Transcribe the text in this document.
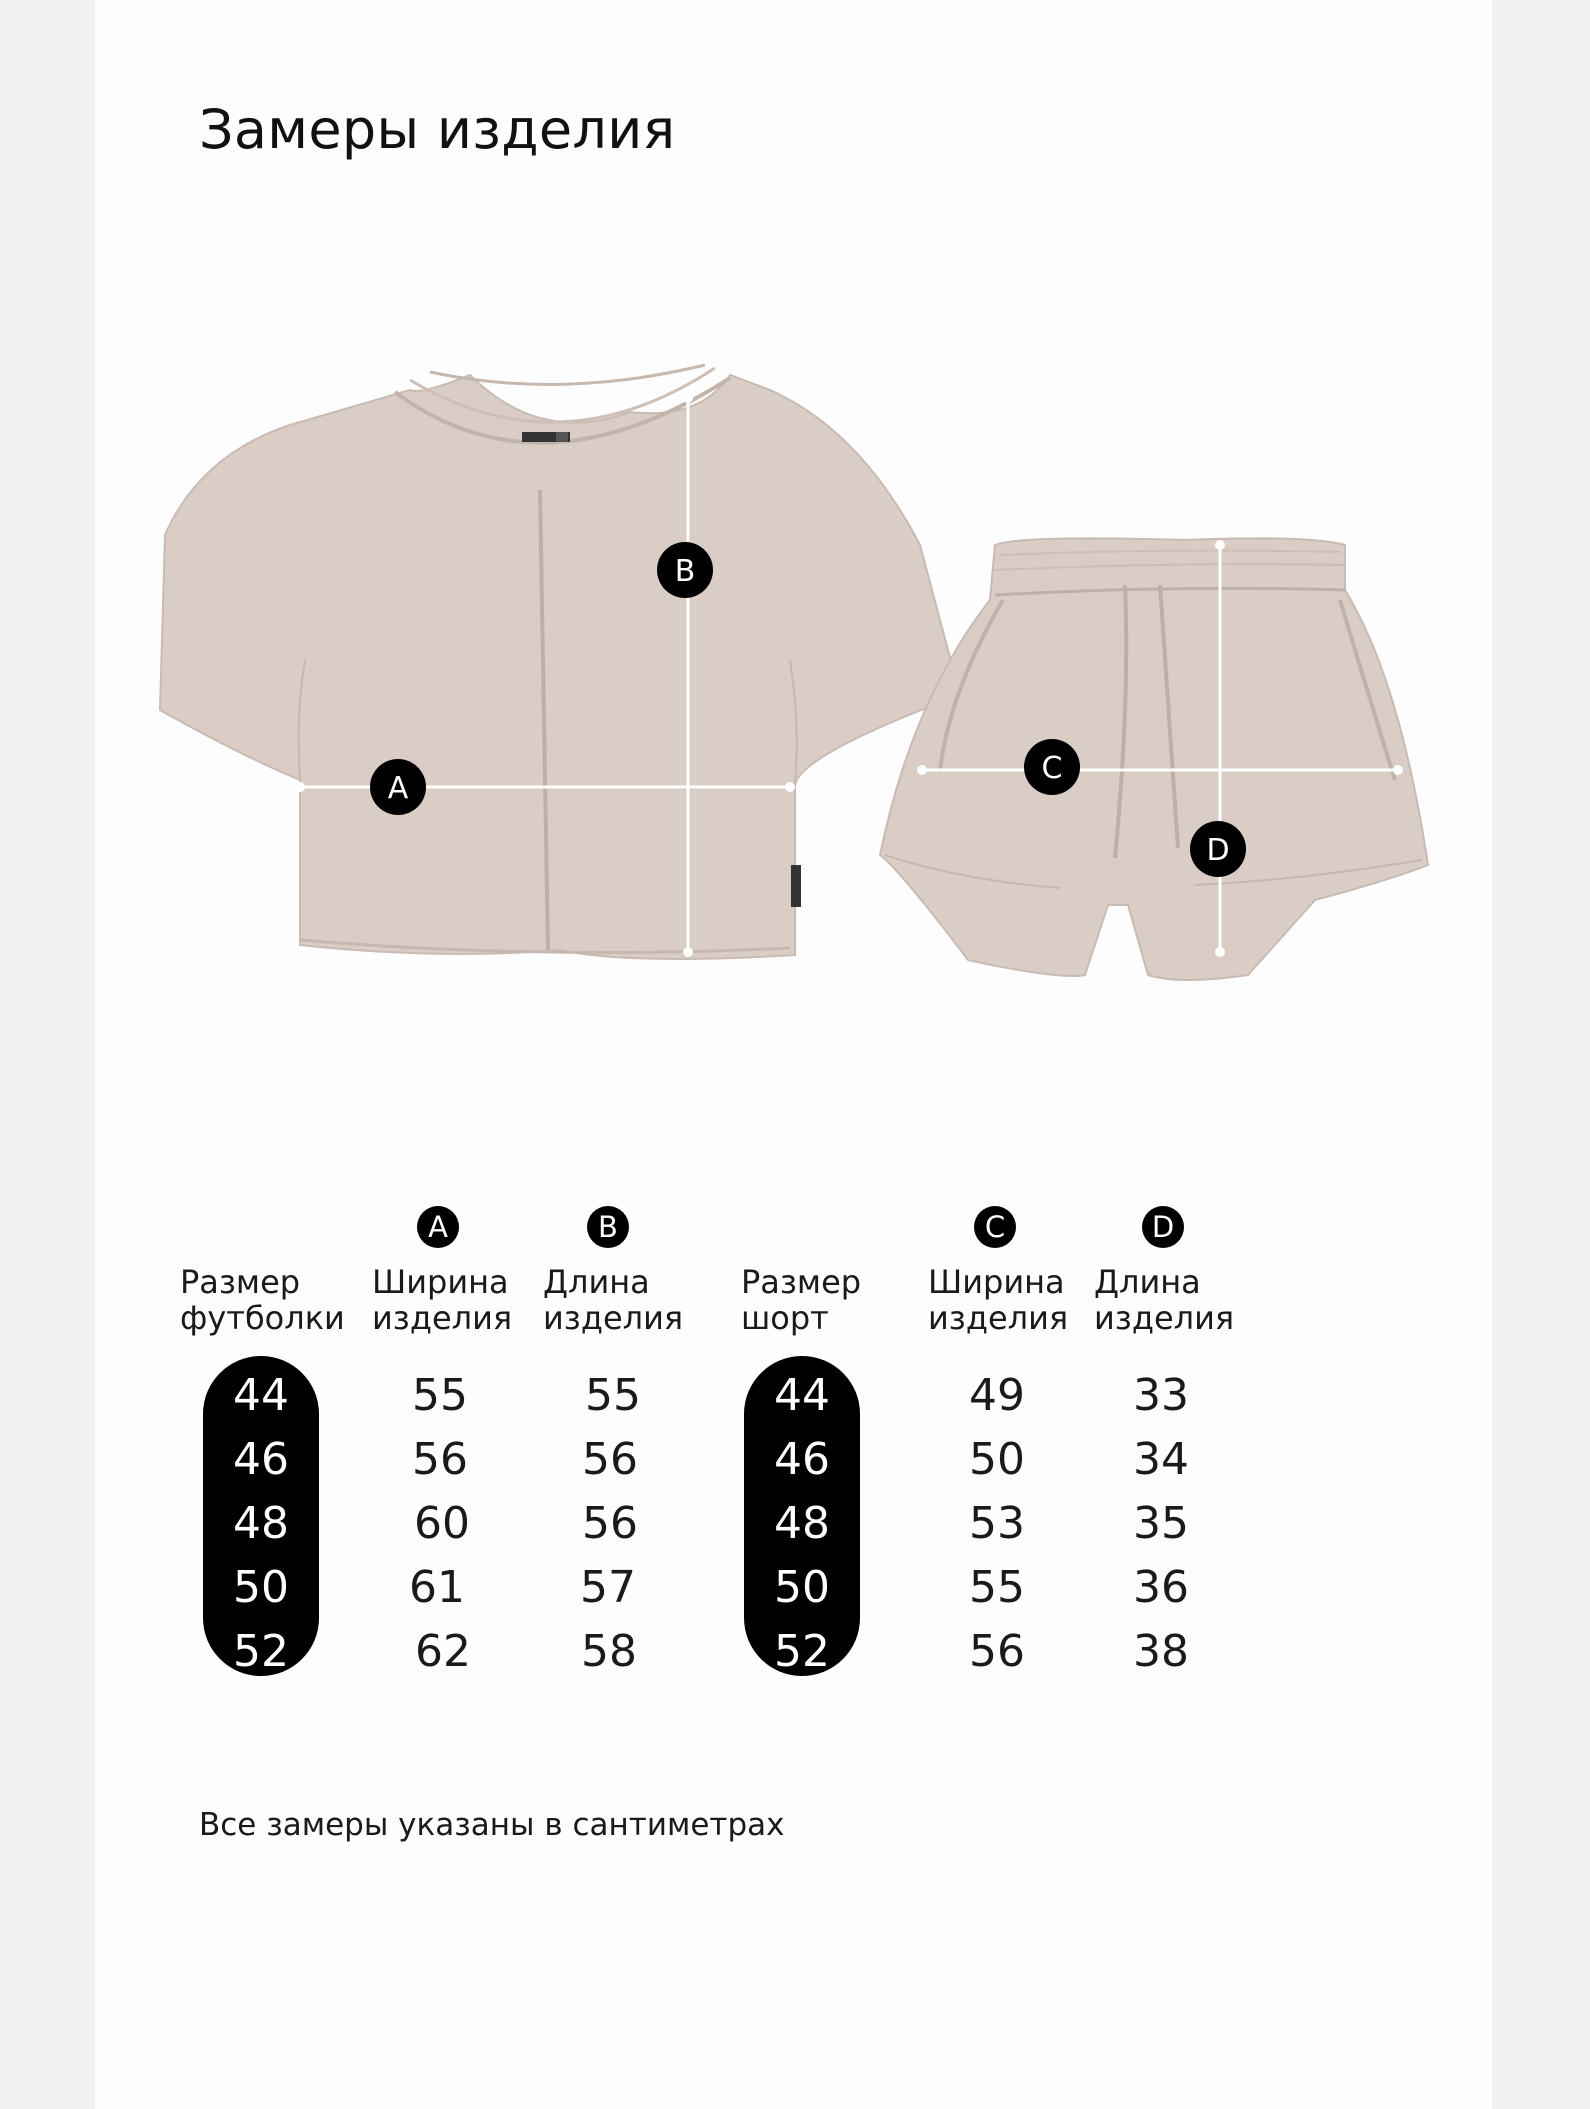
Замеры изделия
A
B
C
D
A	B
Размер
футболки
Ширина
изделия
Длина
изделия
44	55	55
46	56	56
48	60	56
50	61	57
52	62	58
C	D
Размер
шорт
Ширина
изделия
Длина
изделия
44	49	33
46	50	34
48	53	35
50	55	36
52	56	38
Все замеры указаны в сантиметрах
